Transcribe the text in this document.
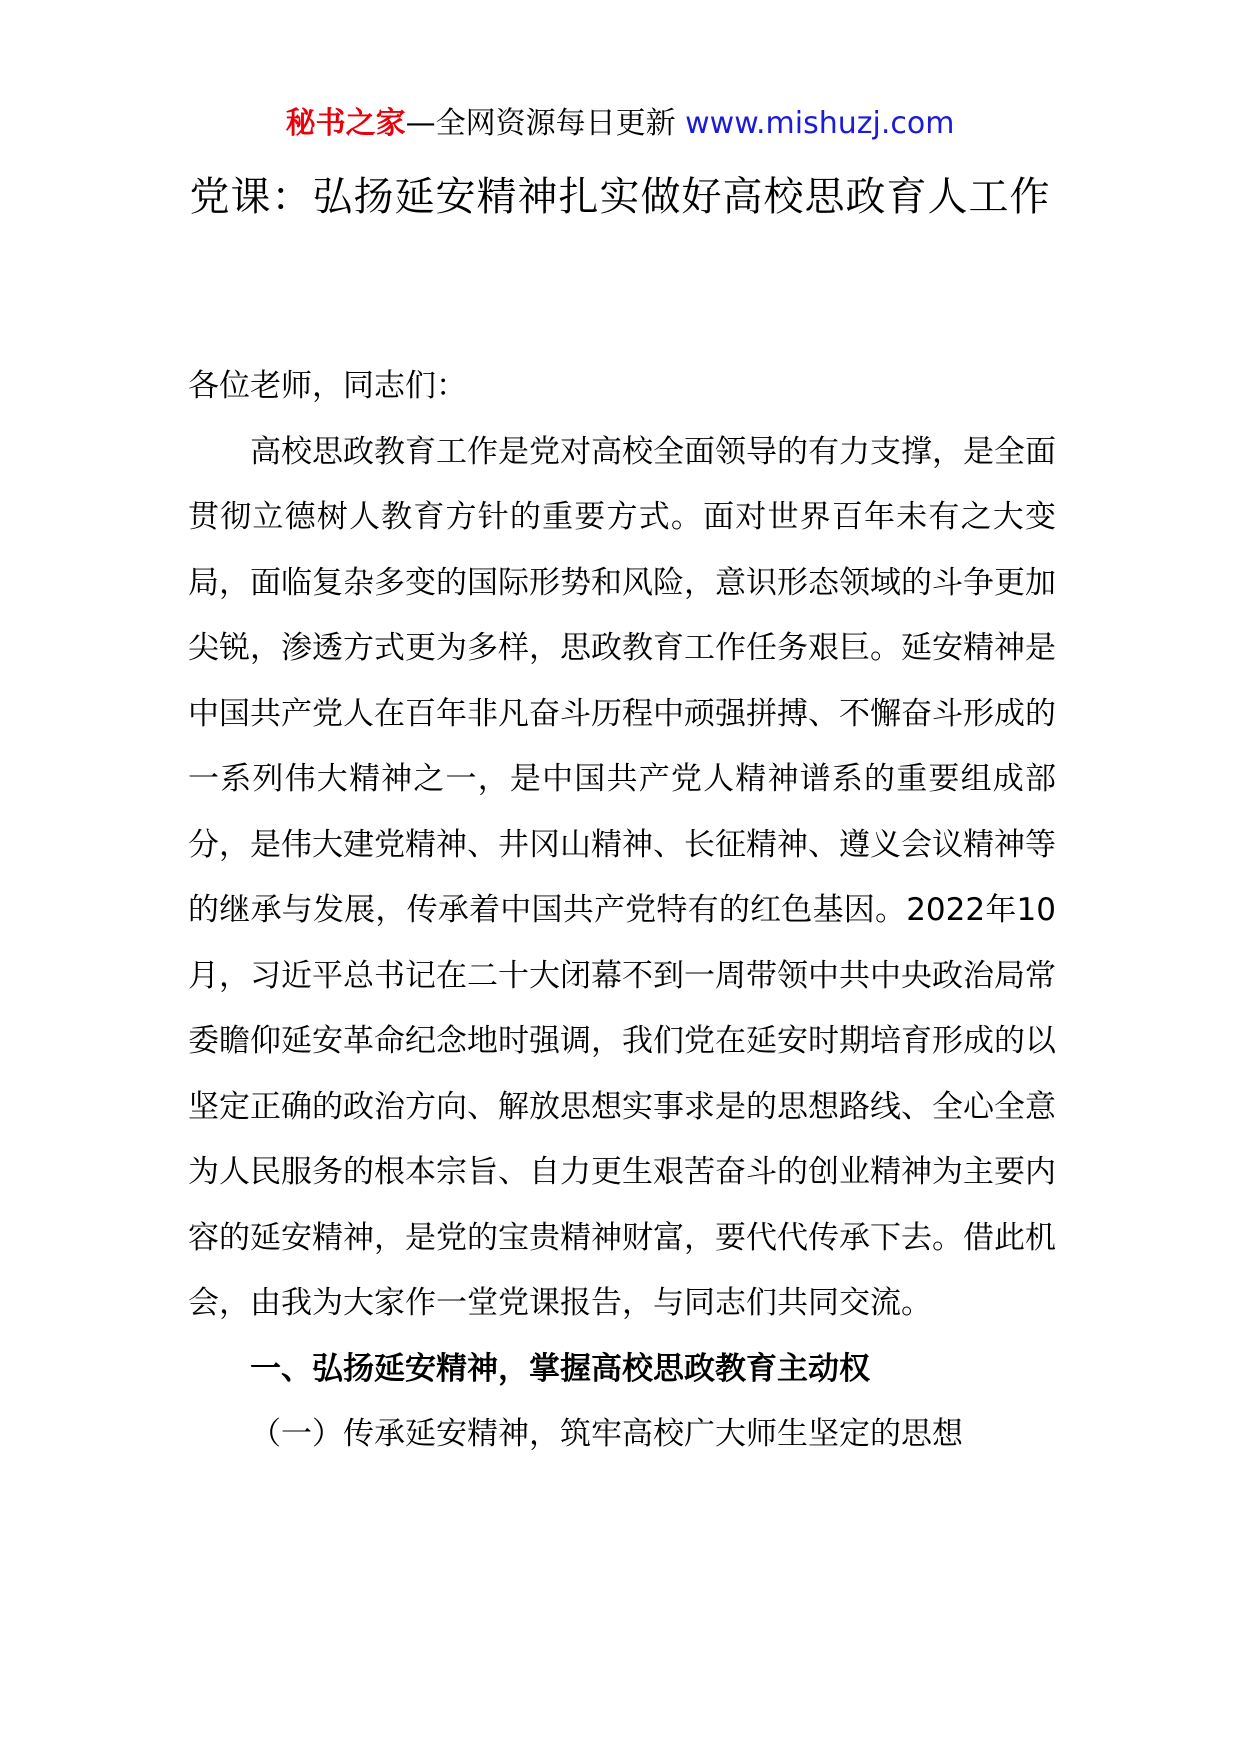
秘书之家—全网资源每日更新 www.mishuzj.com
党课：弘扬延安精神扎实做好高校思政育人工作

各位老师，同志们：

高校思政教育工作是党对高校全面领导的有力支撑，是全面贯彻立德树人教育方针的重要方式。面对世界百年未有之大变局，面临复杂多变的国际形势和风险，意识形态领域的斗争更加尖锐，渗透方式更为多样，思政教育工作任务艰巨。延安精神是中国共产党人在百年非凡奋斗历程中顽强拼搏、不懈奋斗形成的一系列伟大精神之一，是中国共产党人精神谱系的重要组成部分，是伟大建党精神、井冈山精神、长征精神、遵义会议精神等的继承与发展，传承着中国共产党特有的红色基因。2022年10月，习近平总书记在二十大闭幕不到一周带领中共中央政治局常委瞻仰延安革命纪念地时强调，我们党在延安时期培育形成的以坚定正确的政治方向、解放思想实事求是的思想路线、全心全意为人民服务的根本宗旨、自力更生艰苦奋斗的创业精神为主要内容的延安精神，是党的宝贵精神财富，要代代传承下去。借此机会，由我为大家作一堂党课报告，与同志们共同交流。

一、弘扬延安精神，掌握高校思政教育主动权

（一）传承延安精神，筑牢高校广大师生坚定的思想
